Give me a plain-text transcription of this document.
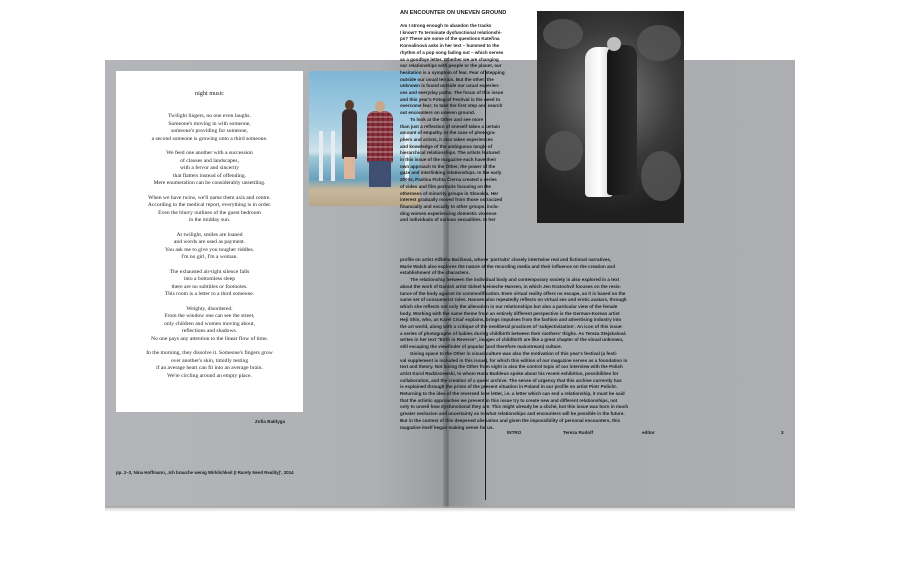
night music
Twilight lingers, no one even laughs.
Someone's moving in with someone,
someone's providing for someone,
a second someone is growing onto a third someone.
We feed one another with a succession
of clauses and landscapes,
with a fervor and sincerity
that flatters instead of offending.
Mere enumeration can be considerably unsettling.
When we have twins, we'll name them axis and centre.
According to the medical report, everything is in order.
Even the blurry outlines of the guest bedroom
in the midday sun.
At twilight, smiles are loaned
and words are used as payment.
You ask me to give you tougher riddles.
I'm no girl, I'm a woman.
The exhausted air-tight silence falls
into a bottomless sleep
there are no subtitles or footnotes.
This room is a letter to a third someone.
Weighty, disordered.
From the window one can see the street,
only children and women moving about,
reflections and shadows.
No one pays any attention to the linear flow of time.
In the morning, they dissolve it. Someone's fingers grow
over another's skin, timidly testing
if an average heart can fit into an average brain.
We're circling around an empty place.
Zofia Bałdyga
pp. 2–3, Nina Hoffmann, ‚Ich brauche wenig Wirklichkeit (I Rarely Need Reality)‘, 2014
AN ENCOUNTER ON UNEVEN GROUND

Am I strong enough to abandon the tracks

I know? To terminate dysfunctional relationshi-

ps? These are some of the questions Kateřina

Konvalinová asks in her text – hummed to the

rhythm of a pop song fading out – which serves

as a goodbye letter. Whether we are changing

our relationships with people or the planet, our

hesitation is a symptom of fear. Fear of stepping

outside our usual terrain. But the other; the

unknown is found outside our usual experien-

ces and everyday paths. The focus of this issue

and this year's Fotograf Festival is the need to

overcome fear; to take the first step and search

out encounters on uneven ground.

To look at the Other and see more

than just a reflection of oneself takes a certain

amount of empathy. In the case of photogra-

phers and artists, it also takes experiences

and knowledge of the ambiguous tangle of

hierarchical relationships. The artists featured

in this issue of the magazine each have their

own approach to the Other, the power of the

gaze and interlinking relationships. In the early

2000s, Pavlína Fichta Čierna created a series

of video and film portraits focusing on the

otherness of minority groups in Slovakia. Her

interest gradually moved from those ostracized

financially and socially to other groups, inclu-

ding women experiencing domestic violence

and individuals of various sexualities. In her

profile on artist Alžběta Bačíková, whose 'portraits' closely intertwine real and fictional narratives,

Marie Walsh also explores the nature of the recording media and their influence on the creation and

establishment of the characters.

The relationship between the individual body and contemporary society is also explored in a text

about the work of Danish artist Sidsel Meineche Hansen, in which Jen Kratochvil focuses on the resis-

tance of the body against its commodification. Even virtual reality offers no escape, as it is based on the

same set of consumerist rules. Hansen also repeatedly reflects on virtual sex and erotic avatars, through

which she reflects not only the alienation in our relationships but also a particular view of the female

body. Working with the same theme from an entirely different perspective is the German-Korean artist

Heji Shin, who, as Karel Císař explains, brings impulses from the fashion and advertising industry into

the art world, along with a critique of the neoliberal practices of 'subjectivization'. An icon of this issue:

a series of photographs of babies during childbirth between their mothers' thighs. As Tereza Stejskalová

writes in her text "Birth in Reverse", images of childbirth are like a great chapter of the visual unknown,

still escaping the viewfinder of popular (and therefore mainstream) culture.

Giving space to the Other in visual culture was also the motivation of this year's festival (a festi-

val supplement is included in this issue), for which this edition of our magazine serves as a foundation in

text and theory. Not losing the Other from sight is also the control topic of our interview with the Polish

artist Karol Radziszewski, to whom Hana Buddeus spoke about his recent exhibition, possibilities for

collaboration, and the creation of a queer archive. The sense of urgency that this archive currently has

is explained through the prism of the present situation in Poland in our profile on artist Piotr Policht.

Returning to the idea of the reversed love letter, i.e. a letter which can end a relationship, it must be said

that the artistic approaches we present in this issue try to create new and different relationships, not

only to unveil how dysfunctional they are. This might already be a cliché, but this issue was born in much

greater seclusion and uncertainty as to what relationships and encounters will be possible in the future.

But in the context of this deepened alienation and given the impossibility of personal encounters, this

magazine itself began making sense for us.

INTRO	Tereza Rudolf	editor	3
